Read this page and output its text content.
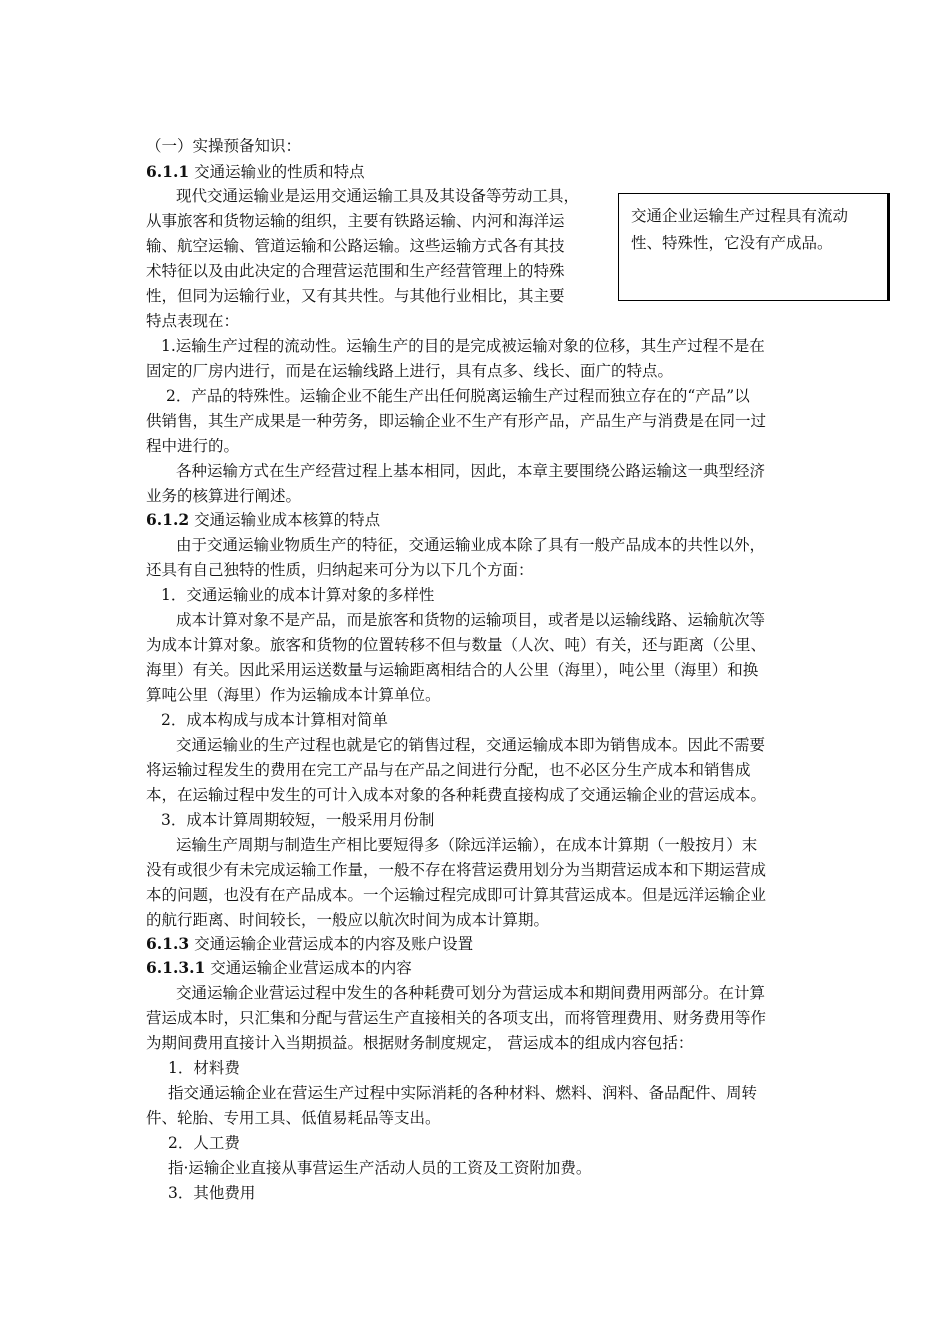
（一）实操预备知识：
6.1.1 交通运输业的性质和特点
现代交通运输业是运用交通运输工具及其设备等劳动工具，
从事旅客和货物运输的组织，主要有铁路运输、内河和海洋运
输、航空运输、管道运输和公路运输。这些运输方式各有其技
术特征以及由此决定的合理营运范围和生产经营管理上的特殊
性，但同为运输行业，又有其共性。与其他行业相比，其主要
特点表现在：
1.运输生产过程的流动性。运输生产的目的是完成被运输对象的位移，其生产过程不是在
固定的厂房内进行，而是在运输线路上进行，具有点多、线长、面广的特点。
2．产品的特殊性。运输企业不能生产出任何脱离运输生产过程而独立存在的“产品”以
供销售，其生产成果是一种劳务，即运输企业不生产有形产品，产品生产与消费是在同一过
程中进行的。
各种运输方式在生产经营过程上基本相同，因此，本章主要围绕公路运输这一典型经济
业务的核算进行阐述。
6.1.2 交通运输业成本核算的特点
由于交通运输业物质生产的特征，交通运输业成本除了具有一般产品成本的共性以外，
还具有自己独特的性质，归纳起来可分为以下几个方面：
1．交通运输业的成本计算对象的多样性
成本计算对象不是产品，而是旅客和货物的运输项目，或者是以运输线路、运输航次等
为成本计算对象。旅客和货物的位置转移不但与数量（人次、吨）有关，还与距离（公里、
海里）有关。因此采用运送数量与运输距离相结合的人公里（海里），吨公里（海里）和换
算吨公里（海里）作为运输成本计算单位。
2．成本构成与成本计算相对简单
交通运输业的生产过程也就是它的销售过程，交通运输成本即为销售成本。因此不需要
将运输过程发生的费用在完工产品与在产品之间进行分配，也不必区分生产成本和销售成
本，在运输过程中发生的可计入成本对象的各种耗费直接构成了交通运输企业的营运成本。
3．成本计算周期较短，一般采用月份制
运输生产周期与制造生产相比要短得多（除远洋运输），在成本计算期（一般按月）末
没有或很少有未完成运输工作量，一般不存在将营运费用划分为当期营运成本和下期运营成
本的问题，也没有在产品成本。一个运输过程完成即可计算其营运成本。但是远洋运输企业
的航行距离、时间较长，一般应以航次时间为成本计算期。
6.1.3 交通运输企业营运成本的内容及账户设置
6.1.3.1 交通运输企业营运成本的内容
交通运输企业营运过程中发生的各种耗费可划分为营运成本和期间费用两部分。在计算
营运成本时，只汇集和分配与营运生产直接相关的各项支出，而将管理费用、财务费用等作
为期间费用直接计入当期损益。根据财务制度规定， 营运成本的组成内容包括：
1．材料费
指交通运输企业在营运生产过程中实际消耗的各种材料、燃料、润料、备品配件、周转
件、轮胎、专用工具、低值易耗品等支出。
2．人工费
指·运输企业直接从事营运生产活动人员的工资及工资附加费。
3．其他费用
交通企业运输生产过程具有流动
性、特殊性，它没有产成品。
